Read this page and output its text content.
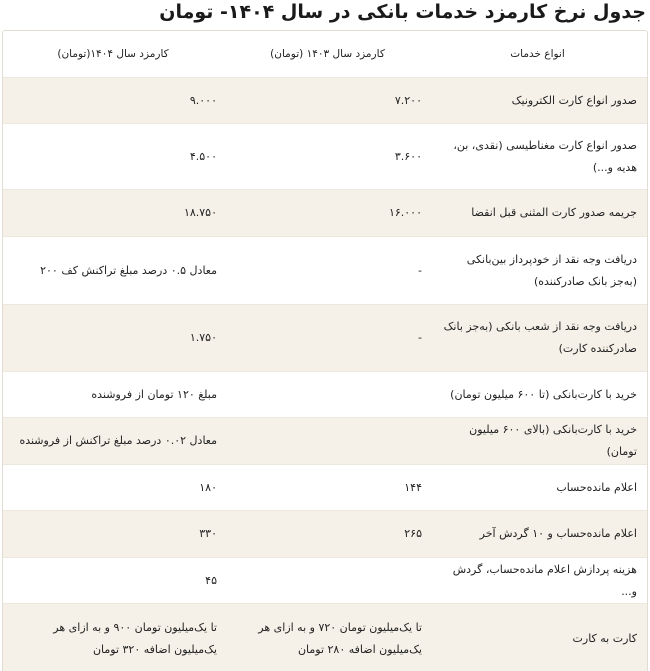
جدول نرخ کارمزد خدمات بانکی در سال ۱۴۰۴- تومان
انواع خدمات
کارمزد سال ۱۴۰۳ (تومان)
کارمزد سال ۱۴۰۴(تومان)
صدور انواع کارت الکترونیک
۷.۲۰۰
۹.۰۰۰
صدور انواع کارت مغناطیسی (نقدی، بن، هدیه و...)
۳.۶۰۰
۴.۵۰۰
جریمه صدور کارت المثنی قبل انقضا
۱۶.۰۰۰
۱۸.۷۵۰
دریافت وجه نقد از خودپرداز بین‌بانکی (به‌جز بانک صادرکننده)
-
معادل ۰.۵ درصد مبلغ تراکنش کف ۲۰۰
دریافت وجه نقد از شعب بانکی (به‌جز بانک صادرکننده کارت)
-
۱.۷۵۰
خرید با کارت‌بانکی (تا ۶۰۰ میلیون تومان)
مبلغ ۱۲۰ تومان از فروشنده
خرید با کارت‌بانکی (بالای ۶۰۰ میلیون تومان)
معادل ۰.۰۲ درصد مبلغ تراکنش از فروشنده
اعلام مانده‌حساب
۱۴۴
۱۸۰
اعلام مانده‌حساب و ۱۰ گردش آخر
۲۶۵
۳۳۰
هزینه پردازش اعلام مانده‌حساب، گردش و...
۴۵
کارت به کارت
تا یک‌میلیون تومان ۷۲۰ و به ازای هر یک‌میلیون اضافه ۲۸۰ تومان
تا یک‌میلیون تومان ۹۰۰ و به ازای هر یک‌میلیون اضافه ۳۲۰ تومان
